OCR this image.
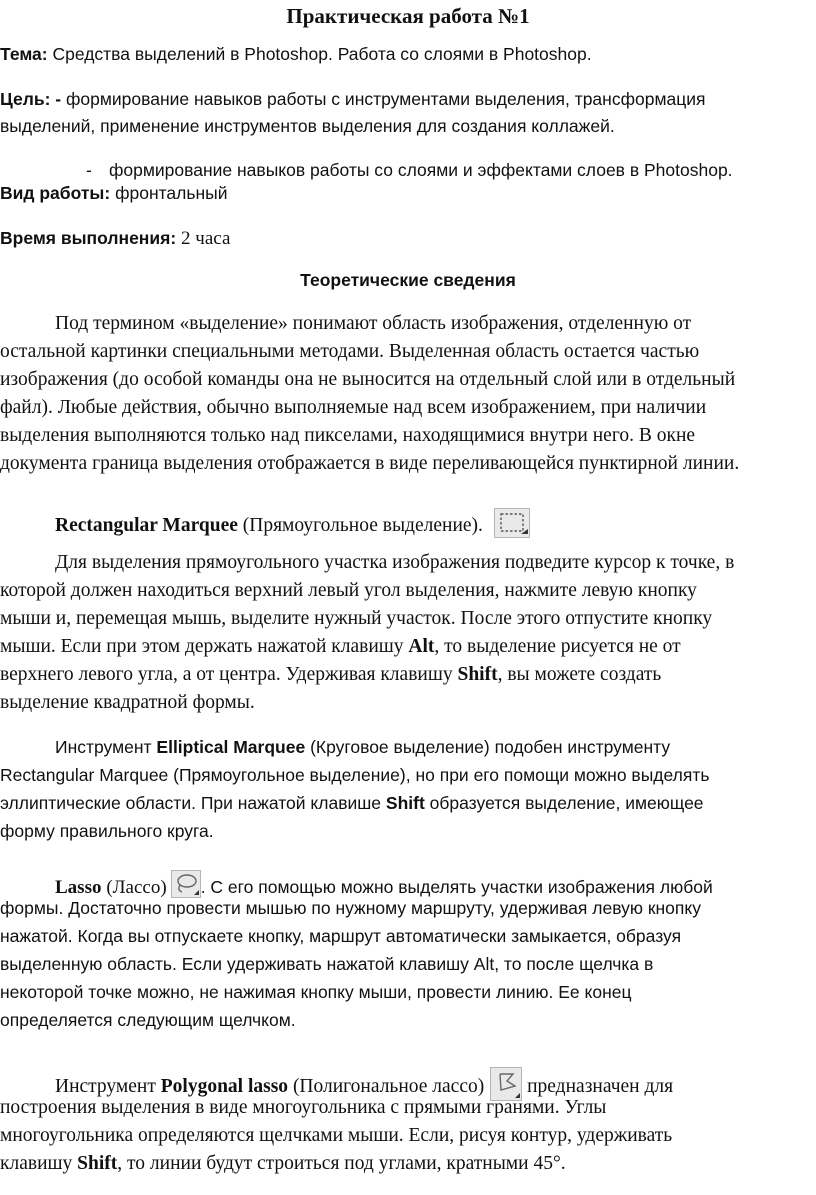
Практическая работа №1
Тема: Средства выделений в Photoshop. Работа со слоями в Photoshop.
Цель: - формирование навыков работы с инструментами выделения, трансформация
выделений, применение инструментов выделения для создания коллажей.
- формирование навыков работы со слоями и эффектами слоев в Photoshop.
Вид работы: фронтальный
Время выполнения: 2 часа
Теоретические сведения
Под термином «выделение» понимают область изображения, отделенную от
остальной картинки специальными методами. Выделенная область остается частью
изображения (до особой команды она не выносится на отдельный слой или в отдельный
файл). Любые действия, обычно выполняемые над всем изображением, при наличии
выделения выполняются только над пикселами, находящимися внутри него. В окне
документа граница выделения отображается в виде переливающейся пунктирной линии.
Rectangular Marquee (Прямоугольное выделение).
Для выделения прямоугольного участка изображения подведите курсор к точке, в
которой должен находиться верхний левый угол выделения, нажмите левую кнопку
мыши и, перемещая мышь, выделите нужный участок. После этого отпустите кнопку
мыши. Если при этом держать нажатой клавишу Alt, то выделение рисуется не от
верхнего левого угла, а от центра. Удерживая клавишу Shift, вы можете создать
выделение квадратной формы.
Инструмент Elliptical Marquee (Круговое выделение) подобен инструменту
Rectangular Marquee (Прямоугольное выделение), но при его помощи можно выделять
эллиптические области. При нажатой клавише Shift образуется выделение, имеющее
форму правильного круга.
Lasso (Лассо) . С его помощью можно выделять участки изображения любой
формы. Достаточно провести мышью по нужному маршруту, удерживая левую кнопку
нажатой. Когда вы отпускаете кнопку, маршрут автоматически замыкается, образуя
выделенную область. Если удерживать нажатой клавишу Alt, то после щелчка в
некоторой точке можно, не нажимая кнопку мыши, провести линию. Ее конец
определяется следующим щелчком.
Инструмент Polygonal lasso (Полигональное лассо) предназначен для
построения выделения в виде многоугольника с прямыми гранями. Углы
многоугольника определяются щелчками мыши. Если, рисуя контур, удерживать
клавишу Shift, то линии будут строиться под углами, кратными 45°.
